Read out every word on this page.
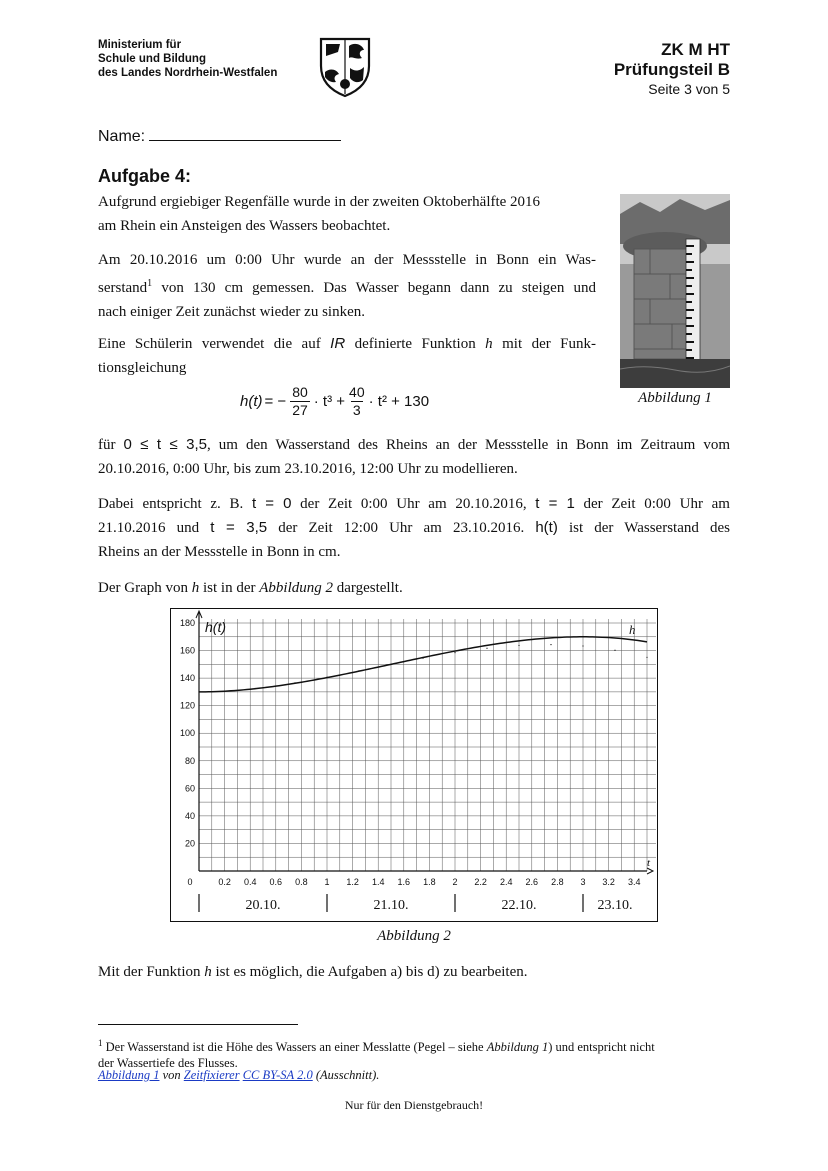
Ministerium für
Schule und Bildung
des Landes Nordrhein-Westfalen
ZK M HT
Prüfungsteil B
Seite 3 von 5
Name:
Aufgabe 4:
Aufgrund ergiebiger Regenfälle wurde in der zweiten Oktoberhälfte 2016
am Rhein ein Ansteigen des Wassers beobachtet.
Am 20.10.2016 um 0:00 Uhr wurde an der Messstelle in Bonn ein Was-
serstand$^1$ von 130 cm gemessen. Das Wasser begann dann zu steigen und
nach einiger Zeit zunächst wieder zu sinken.
Eine Schülerin verwendet die auf IR definierte Funktion h mit der Funk-
tionsgleichung
h(t) = − $\frac{80}{27} \cdot t^3 + \frac{40}{3} \cdot t^2 + 130$	Abbildung 1
für 0 ≤ t ≤ 3,5, um den Wasserstand des Rheins an der Messstelle in Bonn im Zeitraum vom
20.10.2016, 0:00 Uhr, bis zum 23.10.2016, 12:00 Uhr zu modellieren.
Dabei entspricht z. B. t = 0 der Zeit 0:00 Uhr am 20.10.2016, t = 1 der Zeit 0:00 Uhr am
21.10.2016 und t = 3,5 der Zeit 12:00 Uhr am 23.10.2016. h(t) ist der Wasserstand des
Rheins an der Messstelle in Bonn in cm.
Der Graph von h ist in der Abbildung 2 dargestellt.
20
40
60
80
100
120
140
160
180
0.2 0.4 0.6 0.8 1 1.2 1.4 1.6 1.8 2 2.2 2.4 2.6 2.8 3 3.2 3.4
0
h(t)
t
h
20.10.	21.10.	22.10.	23.10.
Abbildung 2
Mit der Funktion h ist es möglich, die Aufgaben a) bis d) zu bearbeiten.
$^1$ Der Wasserstand ist die Höhe des Wassers an einer Messlatte (Pegel – siehe Abbildung 1) und entspricht nicht
der Wassertiefe des Flusses.
Abbildung 1 von Zeitfixierer CC BY-SA 2.0 (Ausschnitt).
Nur für den Dienstgebrauch!
